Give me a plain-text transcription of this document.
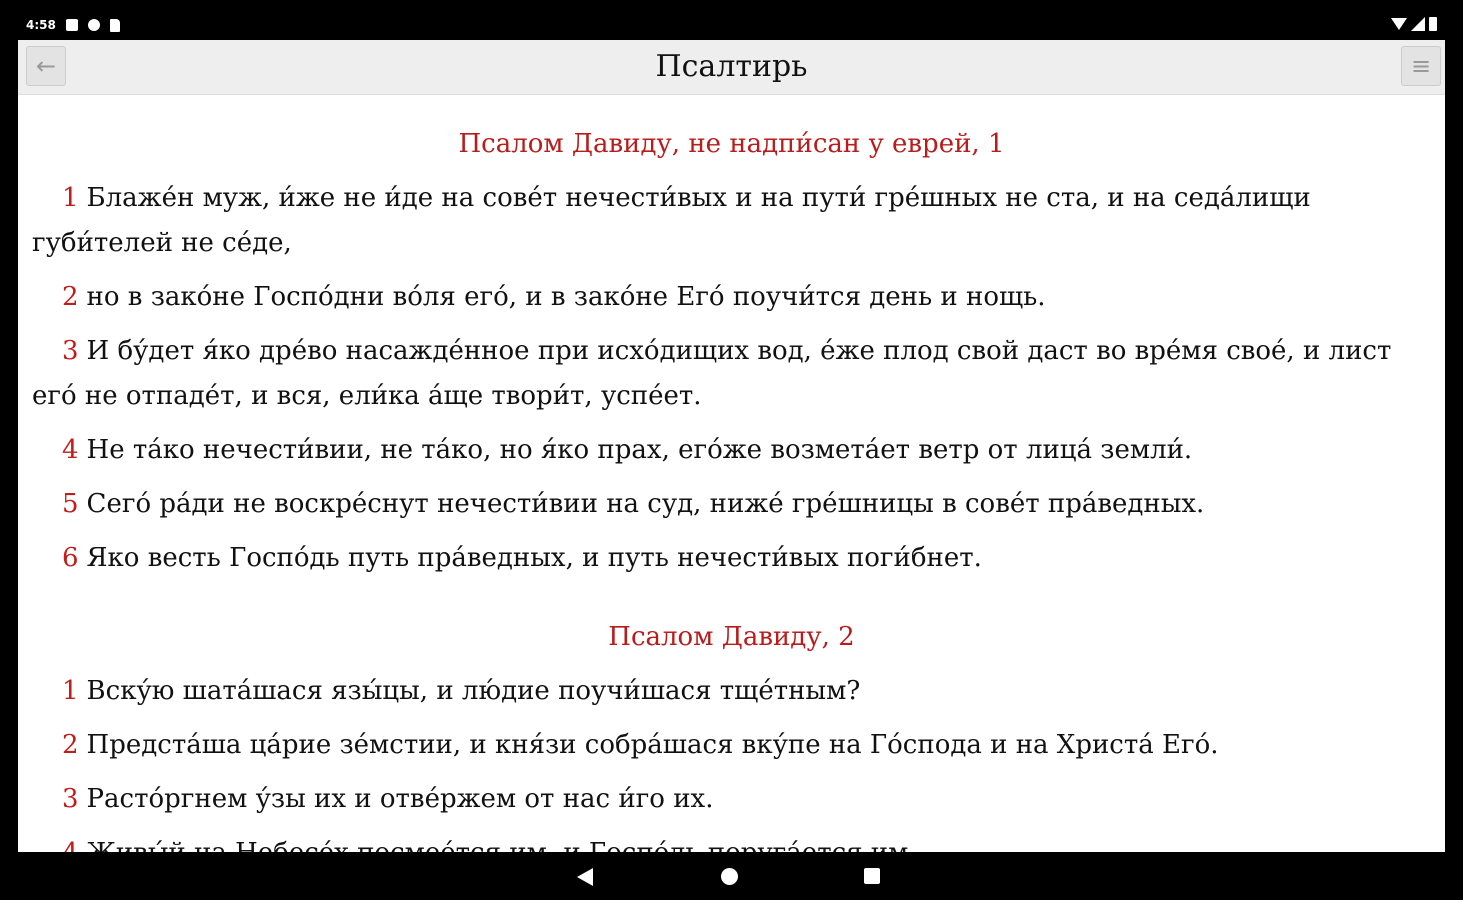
4:58
Псалтирь
←	≡
Псалом Давиду, не надпи́сан у еврей, 1

1 Блаже́н муж, и́же не и́де на сове́т нечести́вых и на пути́ гре́шных не ста, и на седа́лищи губи́телей не се́де,

2 но в зако́не Госпо́дни во́ля его́, и в зако́не Его́ поучи́тся день и нощь.

3 И бу́дет я́ко дре́во насажде́нное при исхо́дищих вод, е́же плод свой даст во вре́мя свое́, и лист его́ не отпаде́т, и вся, ели́ка а́ще твори́т, успе́ет.

4 Не та́ко нечести́вии, не та́ко, но я́ко прах, его́же возмета́ет ветр от лица́ земли́.

5 Сего́ ра́ди не воскре́снут нечести́вии на суд, ниже́ гре́шницы в сове́т пра́ведных.

6 Яко весть Госпо́дь путь пра́ведных, и путь нечести́вых поги́бнет.

Псалом Давиду, 2

1 Вску́ю шата́шася язы́цы, и лю́дие поучи́шася тще́тным?

2 Предста́ша ца́рие зе́мстии, и кня́зи собра́шася вку́пе на Го́спода и на Христа́ Его́.

3 Растóргнем у́зы их и отве́ржем от нас и́го их.
